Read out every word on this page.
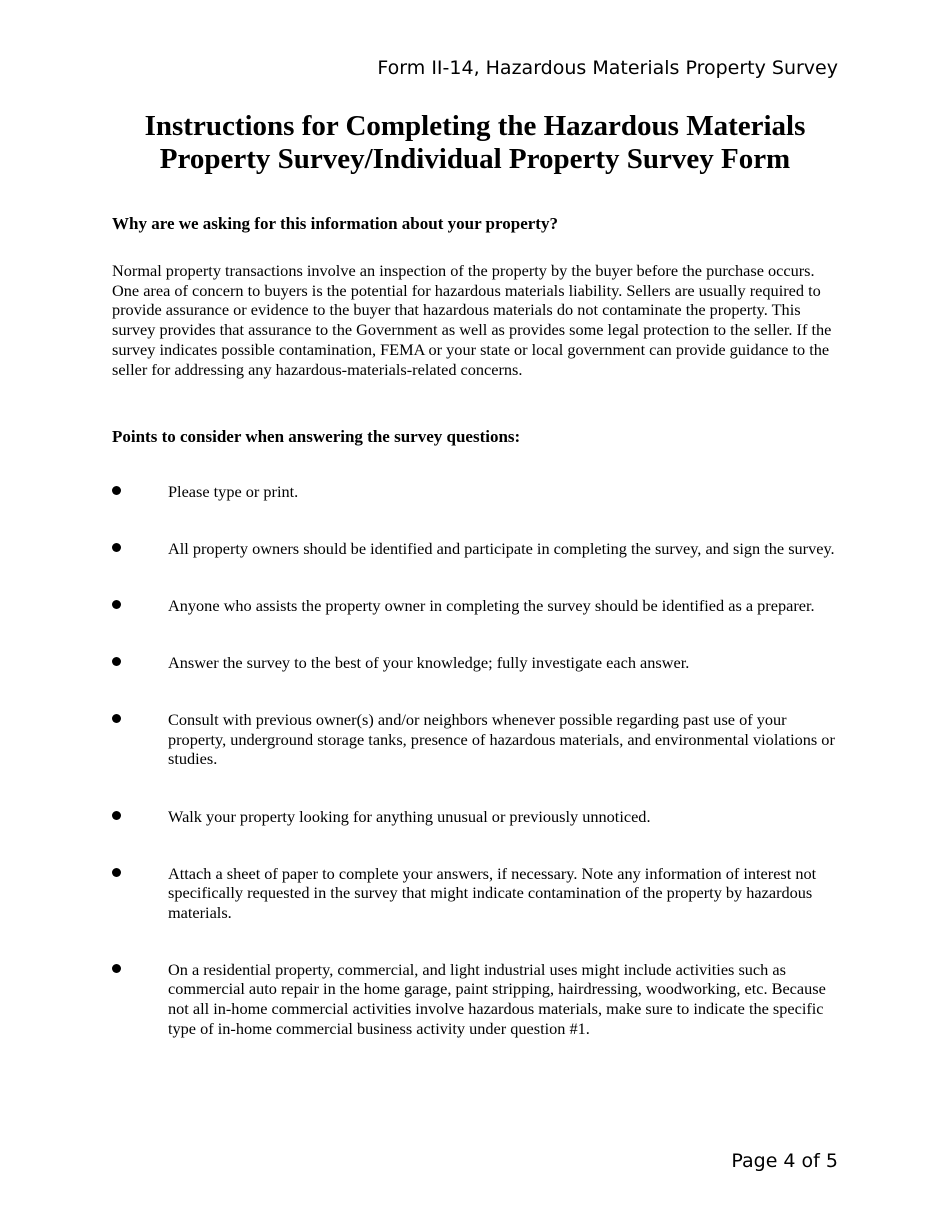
Form II-14, Hazardous Materials Property Survey
Instructions for Completing the Hazardous Materials
Property Survey/Individual Property Survey Form
Why are we asking for this information about your property?

Normal property transactions involve an inspection of the property by the buyer before the purchase occurs. One area of concern to buyers is the potential for hazardous materials liability. Sellers are usually required to provide assurance or evidence to the buyer that hazardous materials do not contaminate the property. This survey provides that assurance to the Government as well as provides some legal protection to the seller. If the survey indicates possible contamination, FEMA or your state or local government can provide guidance to the seller for addressing any hazardous-materials-related concerns.

Points to consider when answering the survey questions:
Please type or print.
All property owners should be identified and participate in completing the survey, and sign the survey.
Anyone who assists the property owner in completing the survey should be identified as a preparer.
Answer the survey to the best of your knowledge; fully investigate each answer.
Consult with previous owner(s) and/or neighbors whenever possible regarding past use of your property, underground storage tanks, presence of hazardous materials, and environmental violations or studies.
Walk your property looking for anything unusual or previously unnoticed.
Attach a sheet of paper to complete your answers, if necessary. Note any information of interest not specifically requested in the survey that might indicate contamination of the property by hazardous materials.
On a residential property, commercial, and light industrial uses might include activities such as commercial auto repair in the home garage, paint stripping, hairdressing, woodworking, etc. Because not all in-home commercial activities involve hazardous materials, make sure to indicate the specific type of in-home commercial business activity under question #1.
Page 4 of 5
